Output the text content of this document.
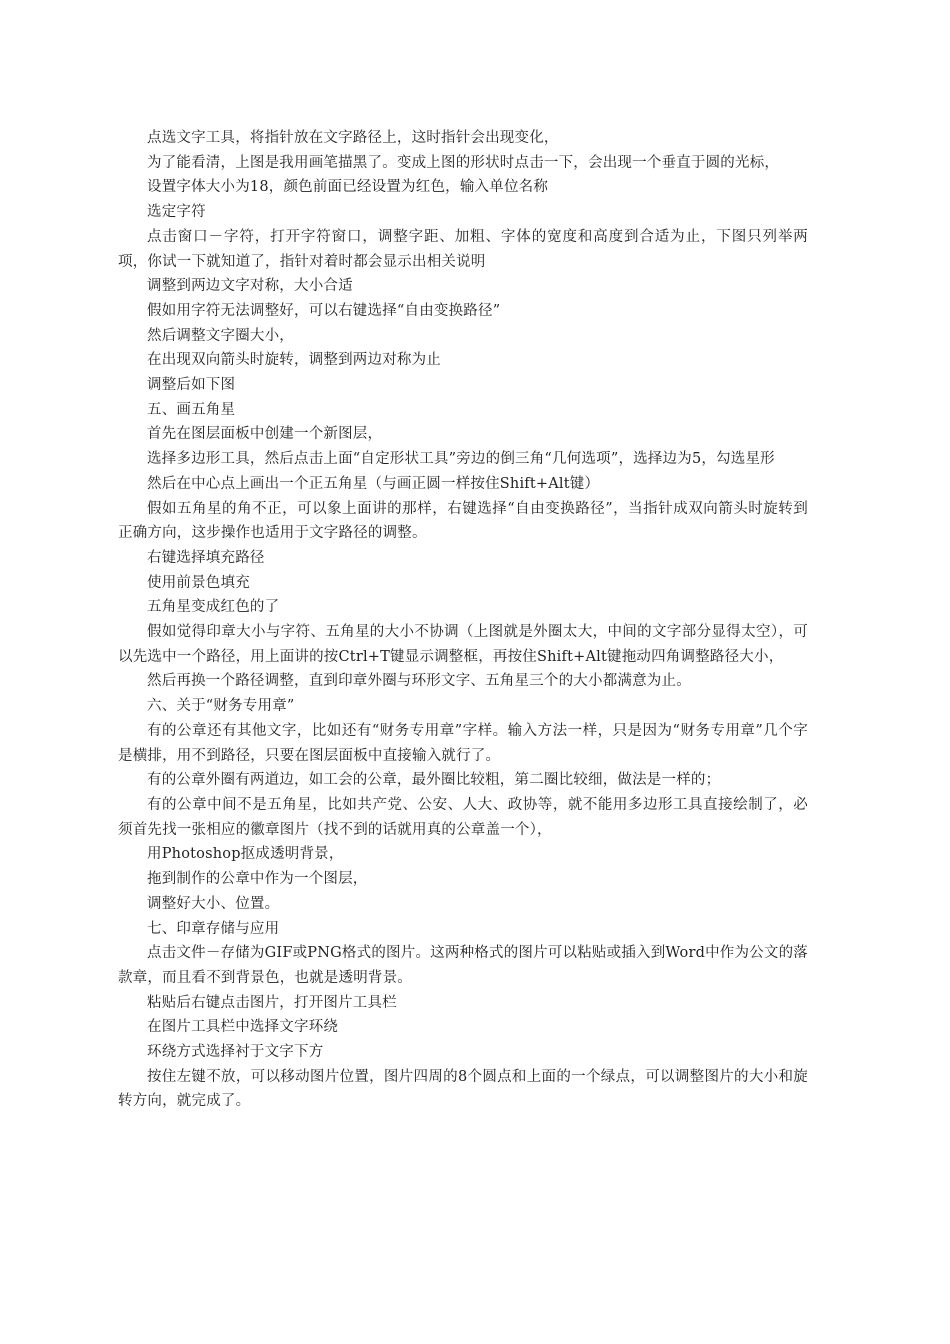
点选文字工具，将指针放在文字路径上，这时指针会出现变化，

为了能看清，上图是我用画笔描黑了。变成上图的形状时点击一下，会出现一个垂直于圆的光标，

设置字体大小为18，颜色前面已经设置为红色，输入单位名称

选定字符

点击窗口－字符，打开字符窗口，调整字距、加粗、字体的宽度和高度到合适为止，下图只列举两项，你试一下就知道了，指针对着时都会显示出相关说明

调整到两边文字对称，大小合适

假如用字符无法调整好，可以右键选择“自由变换路径”

然后调整文字圈大小，

在出现双向箭头时旋转，调整到两边对称为止

调整后如下图

五、画五角星

首先在图层面板中创建一个新图层，

选择多边形工具，然后点击上面“自定形状工具”旁边的倒三角“几何选项”，选择边为5，勾选星形

然后在中心点上画出一个正五角星（与画正圆一样按住Shift+Alt键）

假如五角星的角不正，可以象上面讲的那样，右键选择“自由变换路径”，当指针成双向箭头时旋转到正确方向，这步操作也适用于文字路径的调整。

右键选择填充路径

使用前景色填充

五角星变成红色的了

假如觉得印章大小与字符、五角星的大小不协调（上图就是外圈太大，中间的文字部分显得太空），可以先选中一个路径，用上面讲的按Ctrl+T键显示调整框，再按住Shift+Alt键拖动四角调整路径大小，

然后再换一个路径调整，直到印章外圈与环形文字、五角星三个的大小都满意为止。

六、关于“财务专用章”

有的公章还有其他文字，比如还有“财务专用章”字样。输入方法一样，只是因为“财务专用章”几个字是横排，用不到路径，只要在图层面板中直接输入就行了。

有的公章外圈有两道边，如工会的公章，最外圈比较粗，第二圈比较细，做法是一样的；

有的公章中间不是五角星，比如共产党、公安、人大、政协等，就不能用多边形工具直接绘制了，必须首先找一张相应的徽章图片（找不到的话就用真的公章盖一个），

用Photoshop抠成透明背景，

拖到制作的公章中作为一个图层，

调整好大小、位置。

七、印章存储与应用

点击文件－存储为GIF或PNG格式的图片。这两种格式的图片可以粘贴或插入到Word中作为公文的落款章，而且看不到背景色，也就是透明背景。

粘贴后右键点击图片，打开图片工具栏

在图片工具栏中选择文字环绕

环绕方式选择衬于文字下方

按住左键不放，可以移动图片位置，图片四周的8个圆点和上面的一个绿点，可以调整图片的大小和旋转方向，就完成了。
